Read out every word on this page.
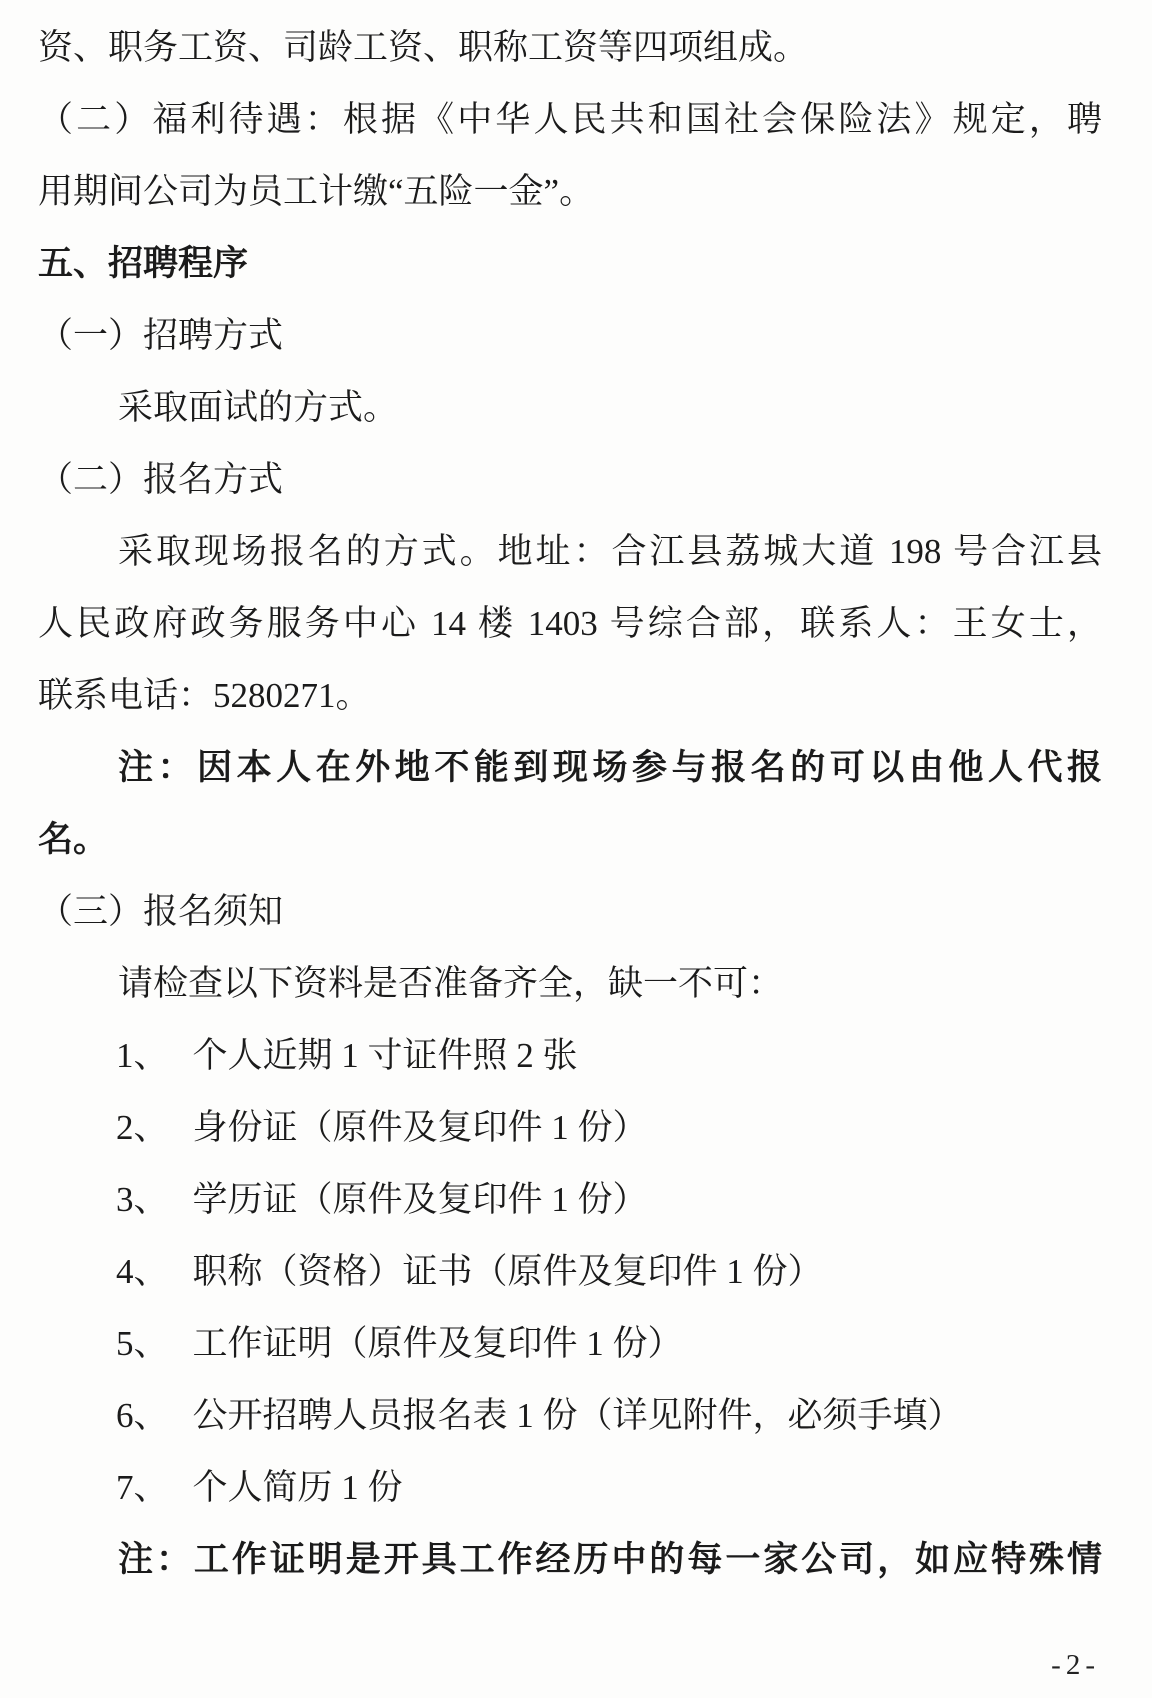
资、职务工资、司龄工资、职称工资等四项组成。
（二）福利待遇：根据《中华人民共和国社会保险法》规定，聘
用期间公司为员工计缴“五险一金”。
五、招聘程序
（一）招聘方式
采取面试的方式。
（二）报名方式
采取现场报名的方式。地址：合江县荔城大道 198 号合江县
人民政府政务服务中心 14 楼 1403 号综合部，联系人：王女士，
联系电话：5280271。
注：因本人在外地不能到现场参与报名的可以由他人代报
名。
（三）报名须知
请检查以下资料是否准备齐全，缺一不可：
1、 个人近期 1 寸证件照 2 张
2、 身份证（原件及复印件 1 份）
3、 学历证（原件及复印件 1 份）
4、 职称（资格）证书（原件及复印件 1 份）
5、 工作证明（原件及复印件 1 份）
6、 公开招聘人员报名表 1 份（详见附件，必须手填）
7、 个人简历 1 份
注：工作证明是开具工作经历中的每一家公司，如应特殊情
-2-
